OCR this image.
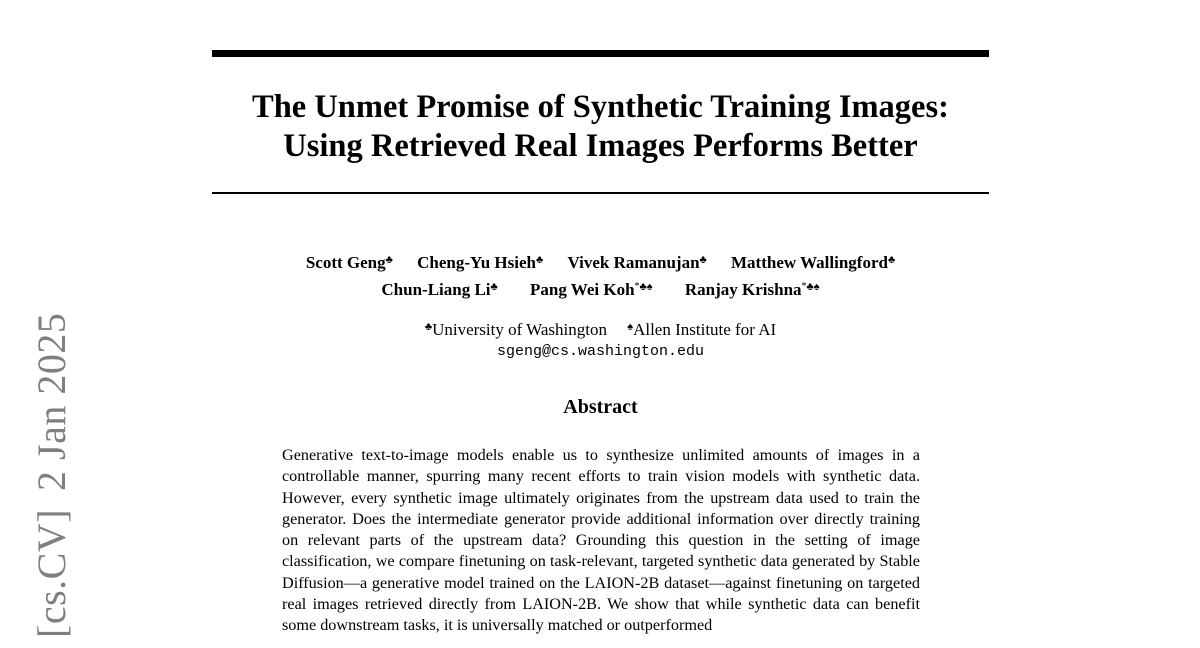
[cs.CV]2 Jan 2025
The Unmet Promise of Synthetic Training Images:
Using Retrieved Real Images Performs Better
Scott Geng♣ Cheng-Yu Hsieh♣ Vivek Ramanujan♣ Matthew Wallingford♣
Chun-Liang Li♣ Pang Wei Koh*♣♠ Ranjay Krishna*♣♠
♣University of Washington ♠Allen Institute for AI
sgeng@cs.washington.edu
Abstract
Generative text-to-image models enable us to synthesize unlimited amounts of images in a controllable manner, spurring many recent efforts to train vision models with synthetic data. However, every synthetic image ultimately originates from the upstream data used to train the generator. Does the intermediate generator provide additional information over directly training on relevant parts of the upstream data? Grounding this question in the setting of image classification, we compare finetuning on task-relevant, targeted synthetic data generated by Stable Diffusion—a generative model trained on the LAION-2B dataset—against finetuning on targeted real images retrieved directly from LAION-2B. We show that while synthetic data can benefit some downstream tasks, it is universally matched or outperformed
